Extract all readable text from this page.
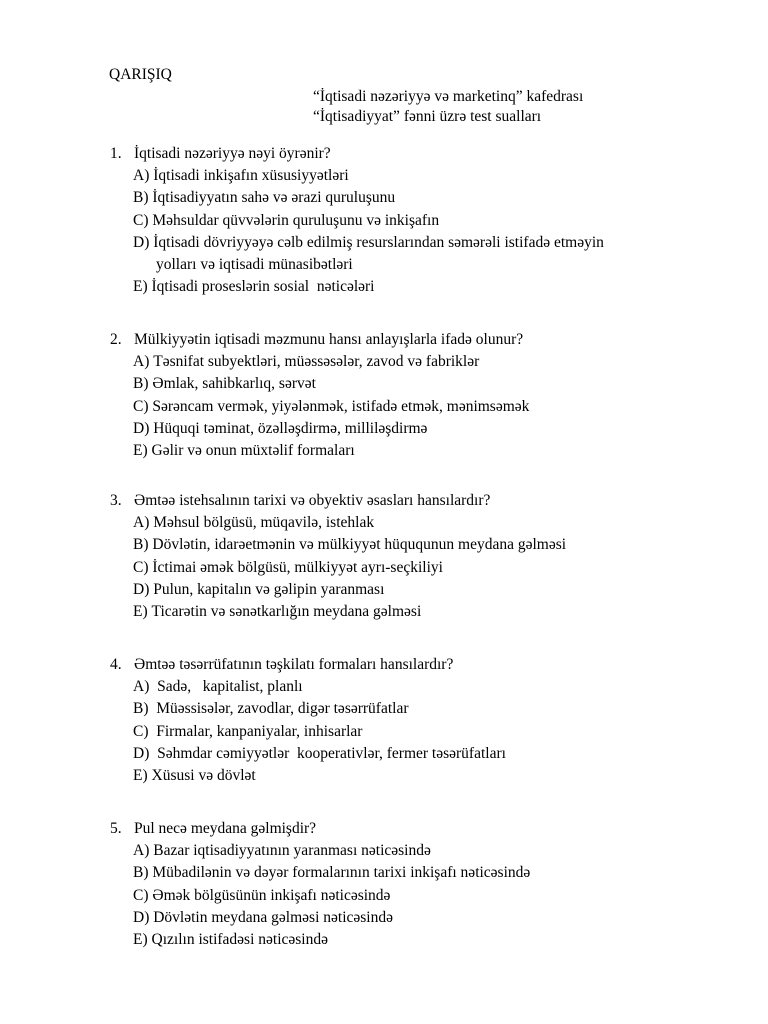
QARIŞIQ
“İqtisadi nəzəriyyə və marketinq” kafedrası
“İqtisadiyyat” fənni üzrə test sualları
1. İqtisadi nəzəriyyə nəyi öyrənir?
A) İqtisadi inkişafın xüsusiyyətləri
B) İqtisadiyyatın sahə və ərazi quruluşunu
C) Məhsuldar qüvvələrin quruluşunu və inkişafın
D) İqtisadi dövriyyəyə cəlb edilmiş resurslarından səmərəli istifadə etməyin
yolları və iqtisadi münasibətləri
E) İqtisadi proseslərin sosial  nəticələri
2. Mülkiyyətin iqtisadi məzmunu hansı anlayışlarla ifadə olunur?
A) Təsnifat subyektləri, müəssəsələr, zavod və fabriklər
B) Əmlak, sahibkarlıq, sərvət
C) Sərəncam vermək, yiyələnmək, istifadə etmək, mənimsəmək
D) Hüquqi təminat, özəlləşdirmə, milliləşdirmə
E) Gəlir və onun müxtəlif formaları
3. Əmtəə istehsalının tarixi və obyektiv əsasları hansılardır?
A) Məhsul bölgüsü, müqavilə, istehlak
B) Dövlətin, idarəetmənin və mülkiyyət hüququnun meydana gəlməsi
C) İctimai əmək bölgüsü, mülkiyyət ayrı-seçkiliyi
D) Pulun, kapitalın və gəlipin yaranması
E) Ticarətin və sənətkarlığın meydana gəlməsi
4. Əmtəə təsərrüfatının təşkilatı formaları hansılardır?
A) Sadə,   kapitalist, planlı
B) Müəssisələr, zavodlar, digər təsərrüfatlar
C) Firmalar, kanpaniyalar, inhisarlar
D) Səhmdar cəmiyyətlər  kooperativlər, fermer təsərüfatları
E) Xüsusi və dövlət
5. Pul necə meydana gəlmişdir?
A) Bazar iqtisadiyyatının yaranması nəticəsində
B) Mübadilənin və dəyər formalarının tarixi inkişafı nəticəsində
C) Əmək bölgüsünün inkişafı nəticəsində
D) Dövlətin meydana gəlməsi nəticəsində
E) Qızılın istifadəsi nəticəsində
